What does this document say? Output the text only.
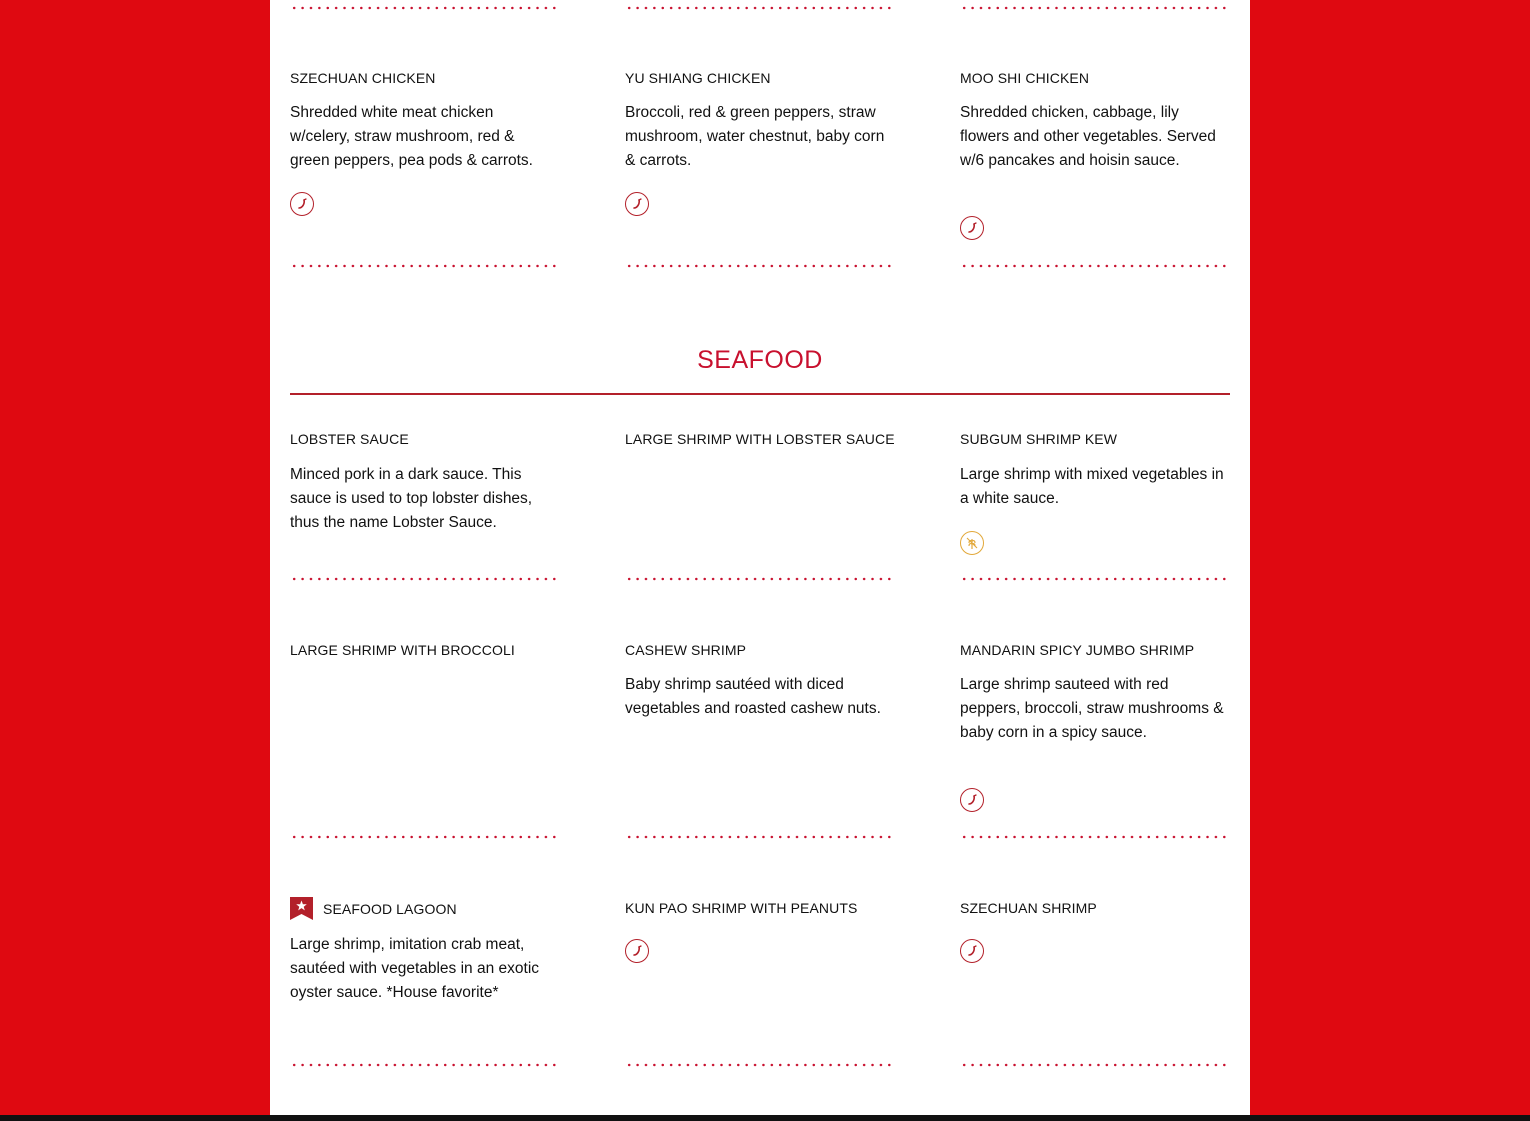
SZECHUAN CHICKEN
Shredded white meat chicken w/celery, straw mushroom, red & green peppers, pea pods & carrots.
YU SHIANG CHICKEN
Broccoli, red & green peppers, straw mushroom, water chestnut, baby corn & carrots.
MOO SHI CHICKEN
Shredded chicken, cabbage, lily flowers and other vegetables. Served w/6 pancakes and hoisin sauce.
SEAFOOD
LOBSTER SAUCE
Minced pork in a dark sauce. This sauce is used to top lobster dishes, thus the name Lobster Sauce.
LARGE SHRIMP WITH LOBSTER SAUCE	SUBGUM SHRIMP KEW
Large shrimp with mixed vegetables in a white sauce.
LARGE SHRIMP WITH BROCCOLI	CASHEW SHRIMP
Baby shrimp sautéed with diced vegetables and roasted cashew nuts.
MANDARIN SPICY JUMBO SHRIMP
Large shrimp sauteed with red peppers, broccoli, straw mushrooms & baby corn in a spicy sauce.
SEAFOOD LAGOON
Large shrimp, imitation crab meat, sautéed with vegetables in an exotic oyster sauce. *House favorite*
KUN PAO SHRIMP WITH PEANUTS	SZECHUAN SHRIMP
